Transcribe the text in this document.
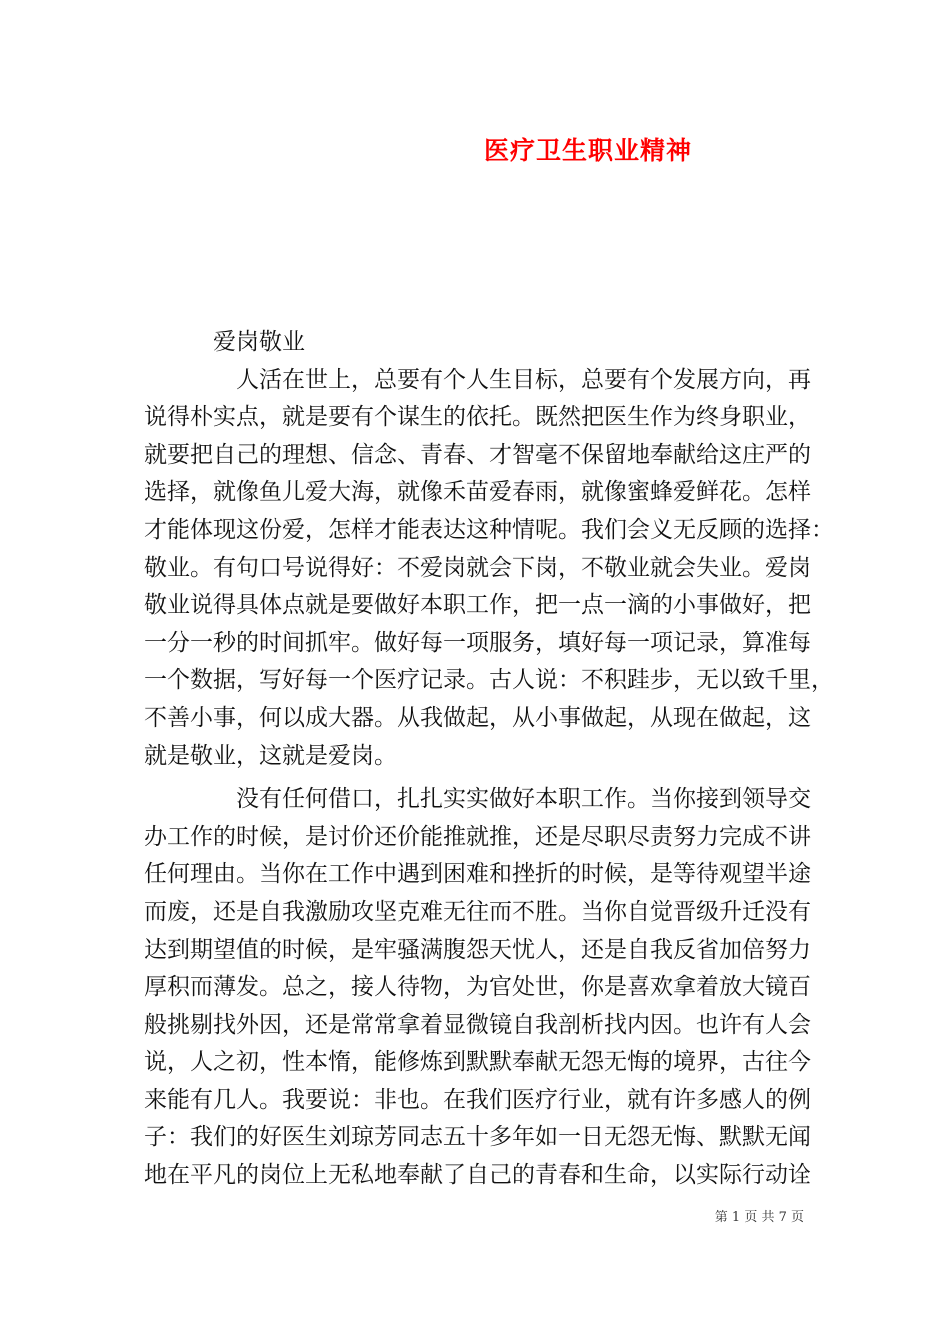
医疗卫生职业精神
　　　爱岗敬业
　　　　人活在世上，总要有个人生目标，总要有个发展方向，再
说得朴实点，就是要有个谋生的依托。既然把医生作为终身职业，
就要把自己的理想、信念、青春、才智毫不保留地奉献给这庄严的
选择，就像鱼儿爱大海，就像禾苗爱春雨，就像蜜蜂爱鲜花。怎样
才能体现这份爱，怎样才能表达这种情呢。我们会义无反顾的选择：
敬业。有句口号说得好：不爱岗就会下岗，不敬业就会失业。爱岗
敬业说得具体点就是要做好本职工作，把一点一滴的小事做好，把
一分一秒的时间抓牢。做好每一项服务，填好每一项记录，算准每
一个数据，写好每一个医疗记录。古人说：不积跬步，无以致千里，
不善小事，何以成大器。从我做起，从小事做起，从现在做起，这
就是敬业，这就是爱岗。
　　　　没有任何借口，扎扎实实做好本职工作。当你接到领导交
办工作的时候，是讨价还价能推就推，还是尽职尽责努力完成不讲
任何理由。当你在工作中遇到困难和挫折的时候，是等待观望半途
而废，还是自我激励攻坚克难无往而不胜。当你自觉晋级升迁没有
达到期望值的时候，是牢骚满腹怨天忧人，还是自我反省加倍努力
厚积而薄发。总之，接人待物，为官处世，你是喜欢拿着放大镜百
般挑剔找外因，还是常常拿着显微镜自我剖析找内因。也许有人会
说，人之初，性本惰，能修炼到默默奉献无怨无悔的境界，古往今
来能有几人。我要说：非也。在我们医疗行业，就有许多感人的例
子：我们的好医生刘琼芳同志五十多年如一日无怨无悔、默默无闻
地在平凡的岗位上无私地奉献了自己的青春和生命，以实际行动诠
第 1 页 共 7 页
